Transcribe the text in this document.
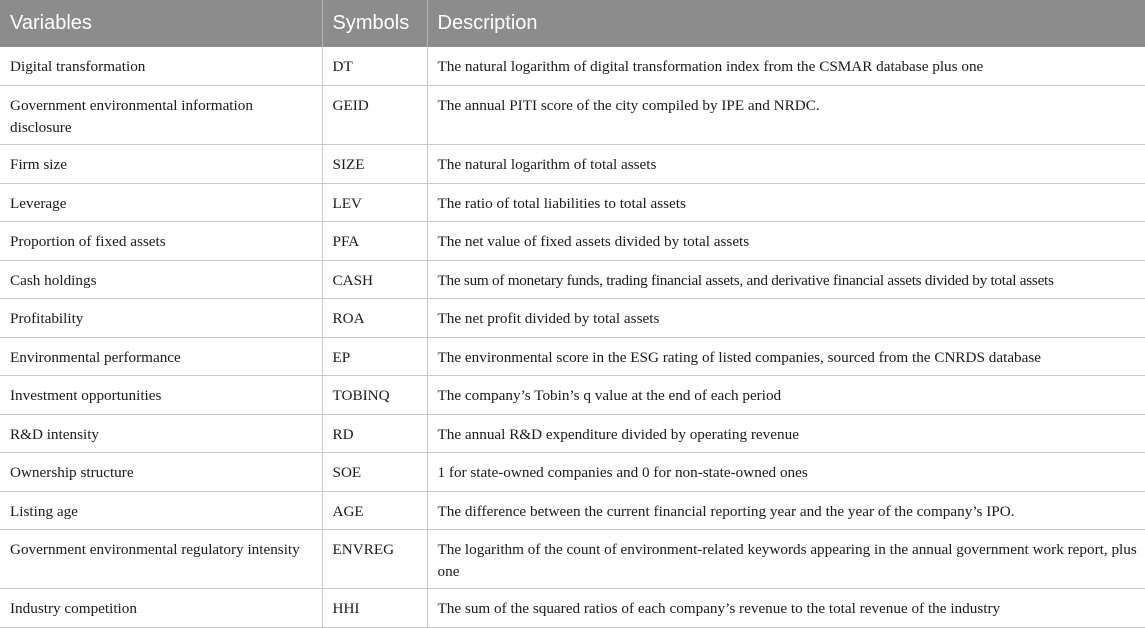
Variables	Symbols	Description
Digital transformation	DT	The natural logarithm of digital transformation index from the CSMAR database plus one
Government environmental information disclosure	GEID	The annual PITI score of the city compiled by IPE and NRDC.
Firm size	SIZE	The natural logarithm of total assets
Leverage	LEV	The ratio of total liabilities to total assets
Proportion of fixed assets	PFA	The net value of fixed assets divided by total assets
Cash holdings	CASH	The sum of monetary funds, trading financial assets, and derivative financial assets divided by total assets
Profitability	ROA	The net profit divided by total assets
Environmental performance	EP	The environmental score in the ESG rating of listed companies, sourced from the CNRDS database
Investment opportunities	TOBINQ	The company’s Tobin’s q value at the end of each period
R&D intensity	RD	The annual R&D expenditure divided by operating revenue
Ownership structure	SOE	1 for state-owned companies and 0 for non-state-owned ones
Listing age	AGE	The difference between the current financial reporting year and the year of the company’s IPO.
Government environmental regulatory intensity	ENVREG	The logarithm of the count of environment-related keywords appearing in the annual government work report, plus one
Industry competition	HHI	The sum of the squared ratios of each company’s revenue to the total revenue of the industry
